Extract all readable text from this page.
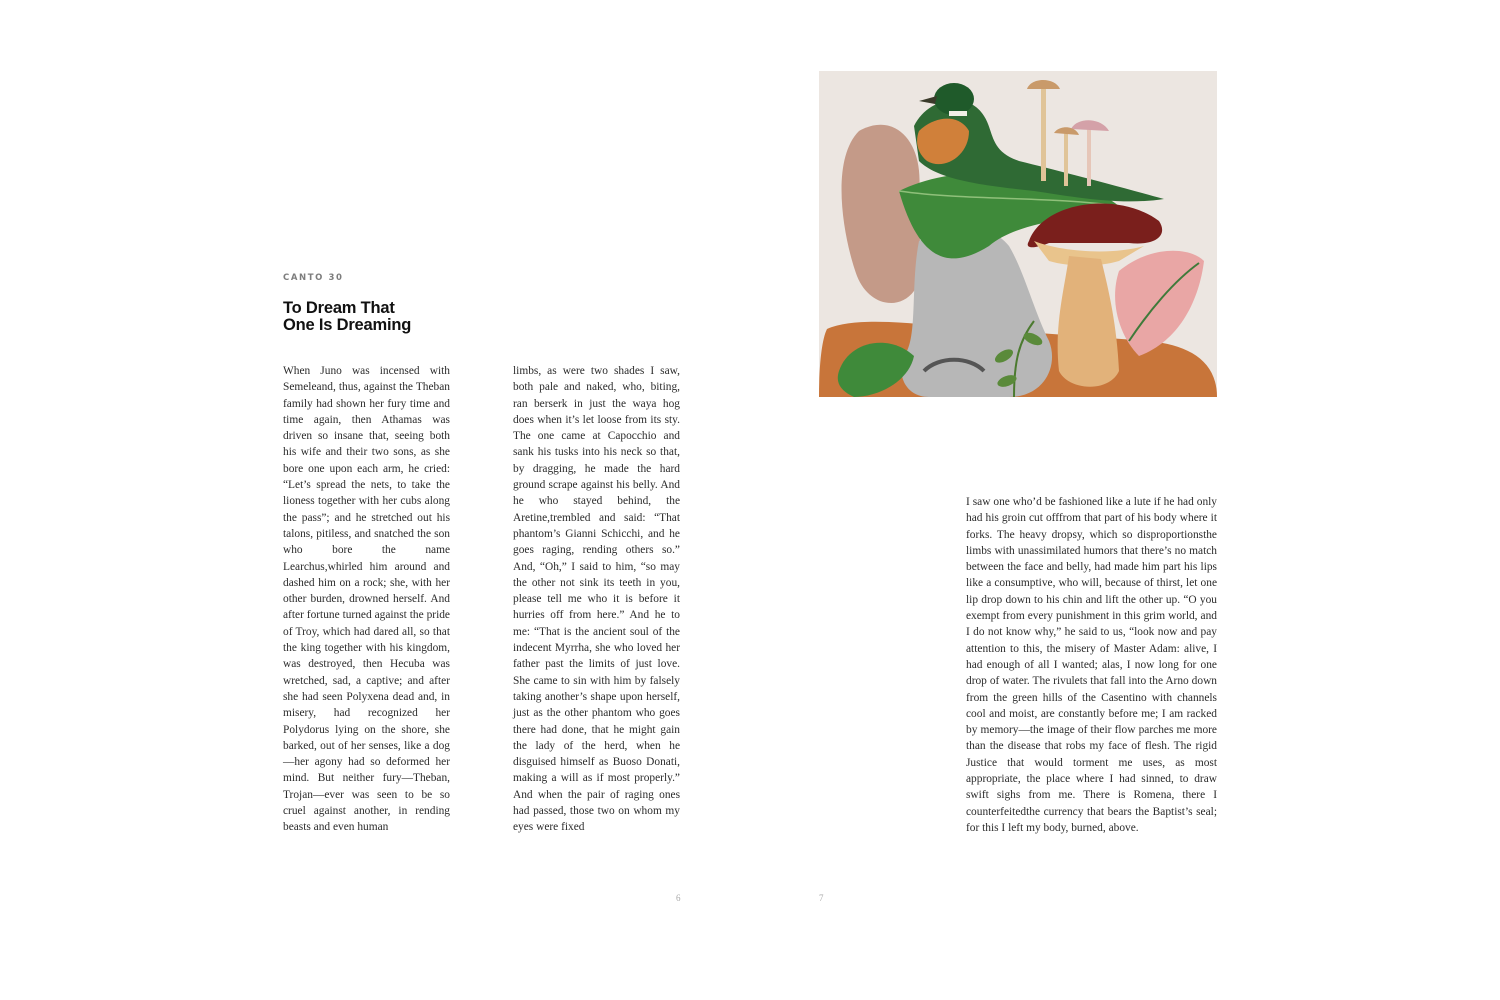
CANTO 30
To Dream That
One Is Dreaming
When Juno was incensed with Semeleand, thus, against the Theban family had shown her fury time and time again, then Athamas was driven so insane that, seeing both his wife and their two sons, as she bore one upon each arm, he cried: “Let’s spread the nets, to take the lioness together with her cubs along the pass”; and he stretched out his talons, pitiless, and snatched the son who bore the name Learchus,whirled him around and dashed him on a rock; she, with her other burden, drowned herself. And after fortune turned against the pride of Troy, which had dared all, so that the king together with his kingdom, was destroyed, then Hecuba was wretched, sad, a captive; and after she had seen Polyxena dead and, in misery, had recognized her Polydorus lying on the shore, she barked, out of her senses, like a dog—her agony had so deformed her mind. But neither fury—Theban, Trojan—ever was seen to be so cruel against another, in rending beasts and even human
limbs, as were two shades I saw, both pale and naked, who, biting, ran berserk in just the waya hog does when it’s let loose from its sty. The one came at Capocchio and sank his tusks into his neck so that, by dragging, he made the hard ground scrape against his belly. And he who stayed behind, the Aretine,trembled and said: “That phantom’s Gianni Schicchi, and he goes raging, rending others so.” And, “Oh,” I said to him, “so may the other not sink its teeth in you, please tell me who it is before it hurries off from here.” And he to me: “That is the ancient soul of the indecent Myrrha, she who loved her father past the limits of just love. She came to sin with him by falsely taking another’s shape upon herself, just as the other phantom who goes there had done, that he might gain the lady of the herd, when he disguised himself as Buoso Donati, making a will as if most properly.” And when the pair of raging ones had passed, those two on whom my eyes were fixed
I saw one who’d be fashioned like a lute if he had only had his groin cut offfrom that part of his body where it forks. The heavy dropsy, which so disproportionsthe limbs with unassimilated humors that there’s no match between the face and belly, had made him part his lips like a consumptive, who will, because of thirst, let one lip drop down to his chin and lift the other up. “O you exempt from every punishment in this grim world, and I do not know why,” he said to us, “look now and pay attention to this, the misery of Master Adam: alive, I had enough of all I wanted; alas, I now long for one drop of water. The rivulets that fall into the Arno down from the green hills of the Casentino with channels cool and moist, are constantly before me; I am racked by memory—the image of their flow parches me more than the disease that robs my face of flesh. The rigid Justice that would torment me uses, as most appropriate, the place where I had sinned, to draw swift sighs from me. There is Romena, there I counterfeitedthe currency that bears the Baptist’s seal; for this I left my body, burned, above.
6	7
